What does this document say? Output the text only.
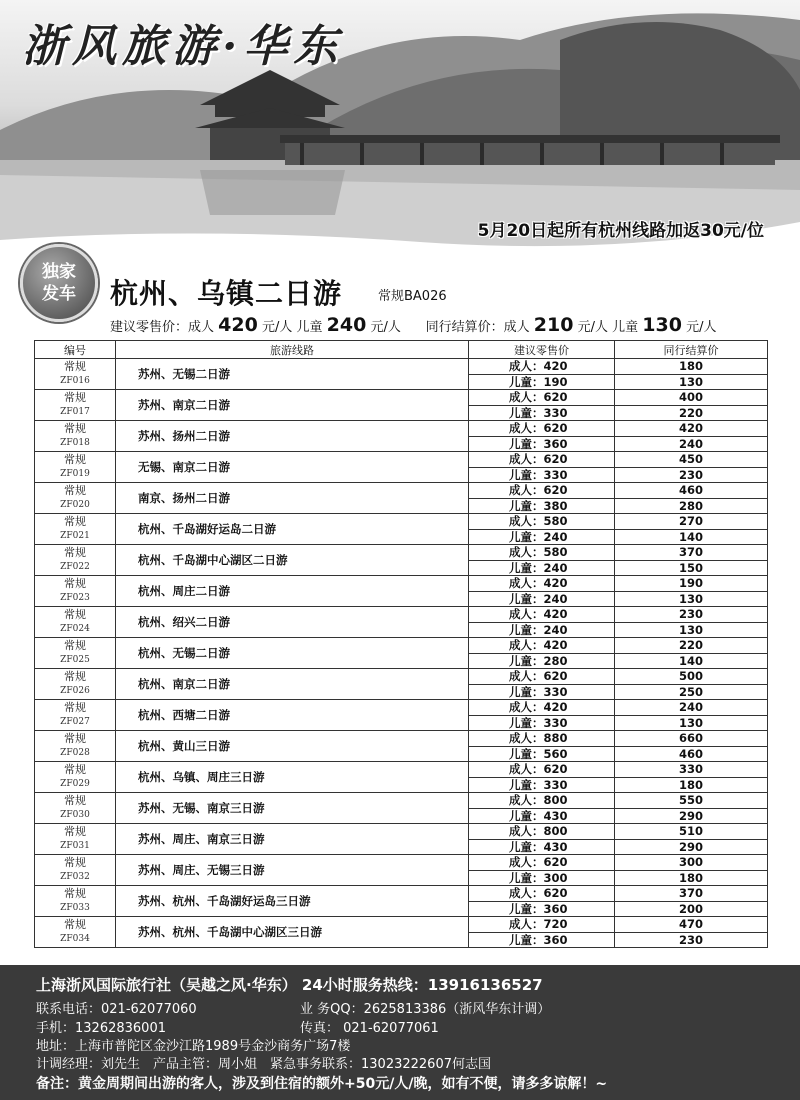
浙风旅游·华东
5月20日起所有杭州线路加返30元/位
独家
发车 杭州、乌镇二日游	常规BA026
建议零售价：成人 420 元/人 儿童 240 元/人 同行结算价：成人 210 元/人 儿童 130 元/人
编号	旅游线路	建议零售价	同行结算价
常规
ZF016	苏州、无锡二日游	成人：420	180
		儿童：190	130
常规
ZF017	苏州、南京二日游	成人：620	400
		儿童：330	220
常规
ZF018	苏州、扬州二日游	成人：620	420
		儿童：360	240
常规
ZF019	无锡、南京二日游	成人：620	450
		儿童：330	230
常规
ZF020	南京、扬州二日游	成人：620	460
		儿童：380	280
常规
ZF021	杭州、千岛湖好运岛二日游	成人：580	270
		儿童：240	140
常规
ZF022	杭州、千岛湖中心湖区二日游	成人：580	370
		儿童：240	150
常规
ZF023	杭州、周庄二日游	成人：420	190
		儿童：240	130
常规
ZF024	杭州、绍兴二日游	成人：420	230
		儿童：240	130
常规
ZF025	杭州、无锡二日游	成人：420	220
		儿童：280	140
常规
ZF026	杭州、南京二日游	成人：620	500
		儿童：330	250
常规
ZF027	杭州、西塘二日游	成人：420	240
		儿童：330	130
常规
ZF028	杭州、黄山三日游	成人：880	660
		儿童：560	460
常规
ZF029	杭州、乌镇、周庄三日游	成人：620	330
		儿童：330	180
常规
ZF030	苏州、无锡、南京三日游	成人：800	550
		儿童：430	290
常规
ZF031	苏州、周庄、南京三日游	成人：800	510
		儿童：430	290
常规
ZF032	苏州、周庄、无锡三日游	成人：620	300
		儿童：300	180
常规
ZF033	苏州、杭州、千岛湖好运岛三日游	成人：620	370
		儿童：360	200
常规
ZF034	苏州、杭州、千岛湖中心湖区三日游	成人：720	470
		儿童：360	230
上海浙风国际旅行社（吴越之风·华东） 24小时服务热线：13916136527
联系电话：021-62077060	业 务QQ：2625813386（浙风华东计调）
手机：13262836001	传真： 021-62077061
地址：上海市普陀区金沙江路1989号金沙商务广场7楼
计调经理：刘先生　产品主管：周小姐　紧急事务联系：13023222607何志国
备注：黄金周期间出游的客人，涉及到住宿的额外+50元/人/晚，如有不便，请多多谅解！~
